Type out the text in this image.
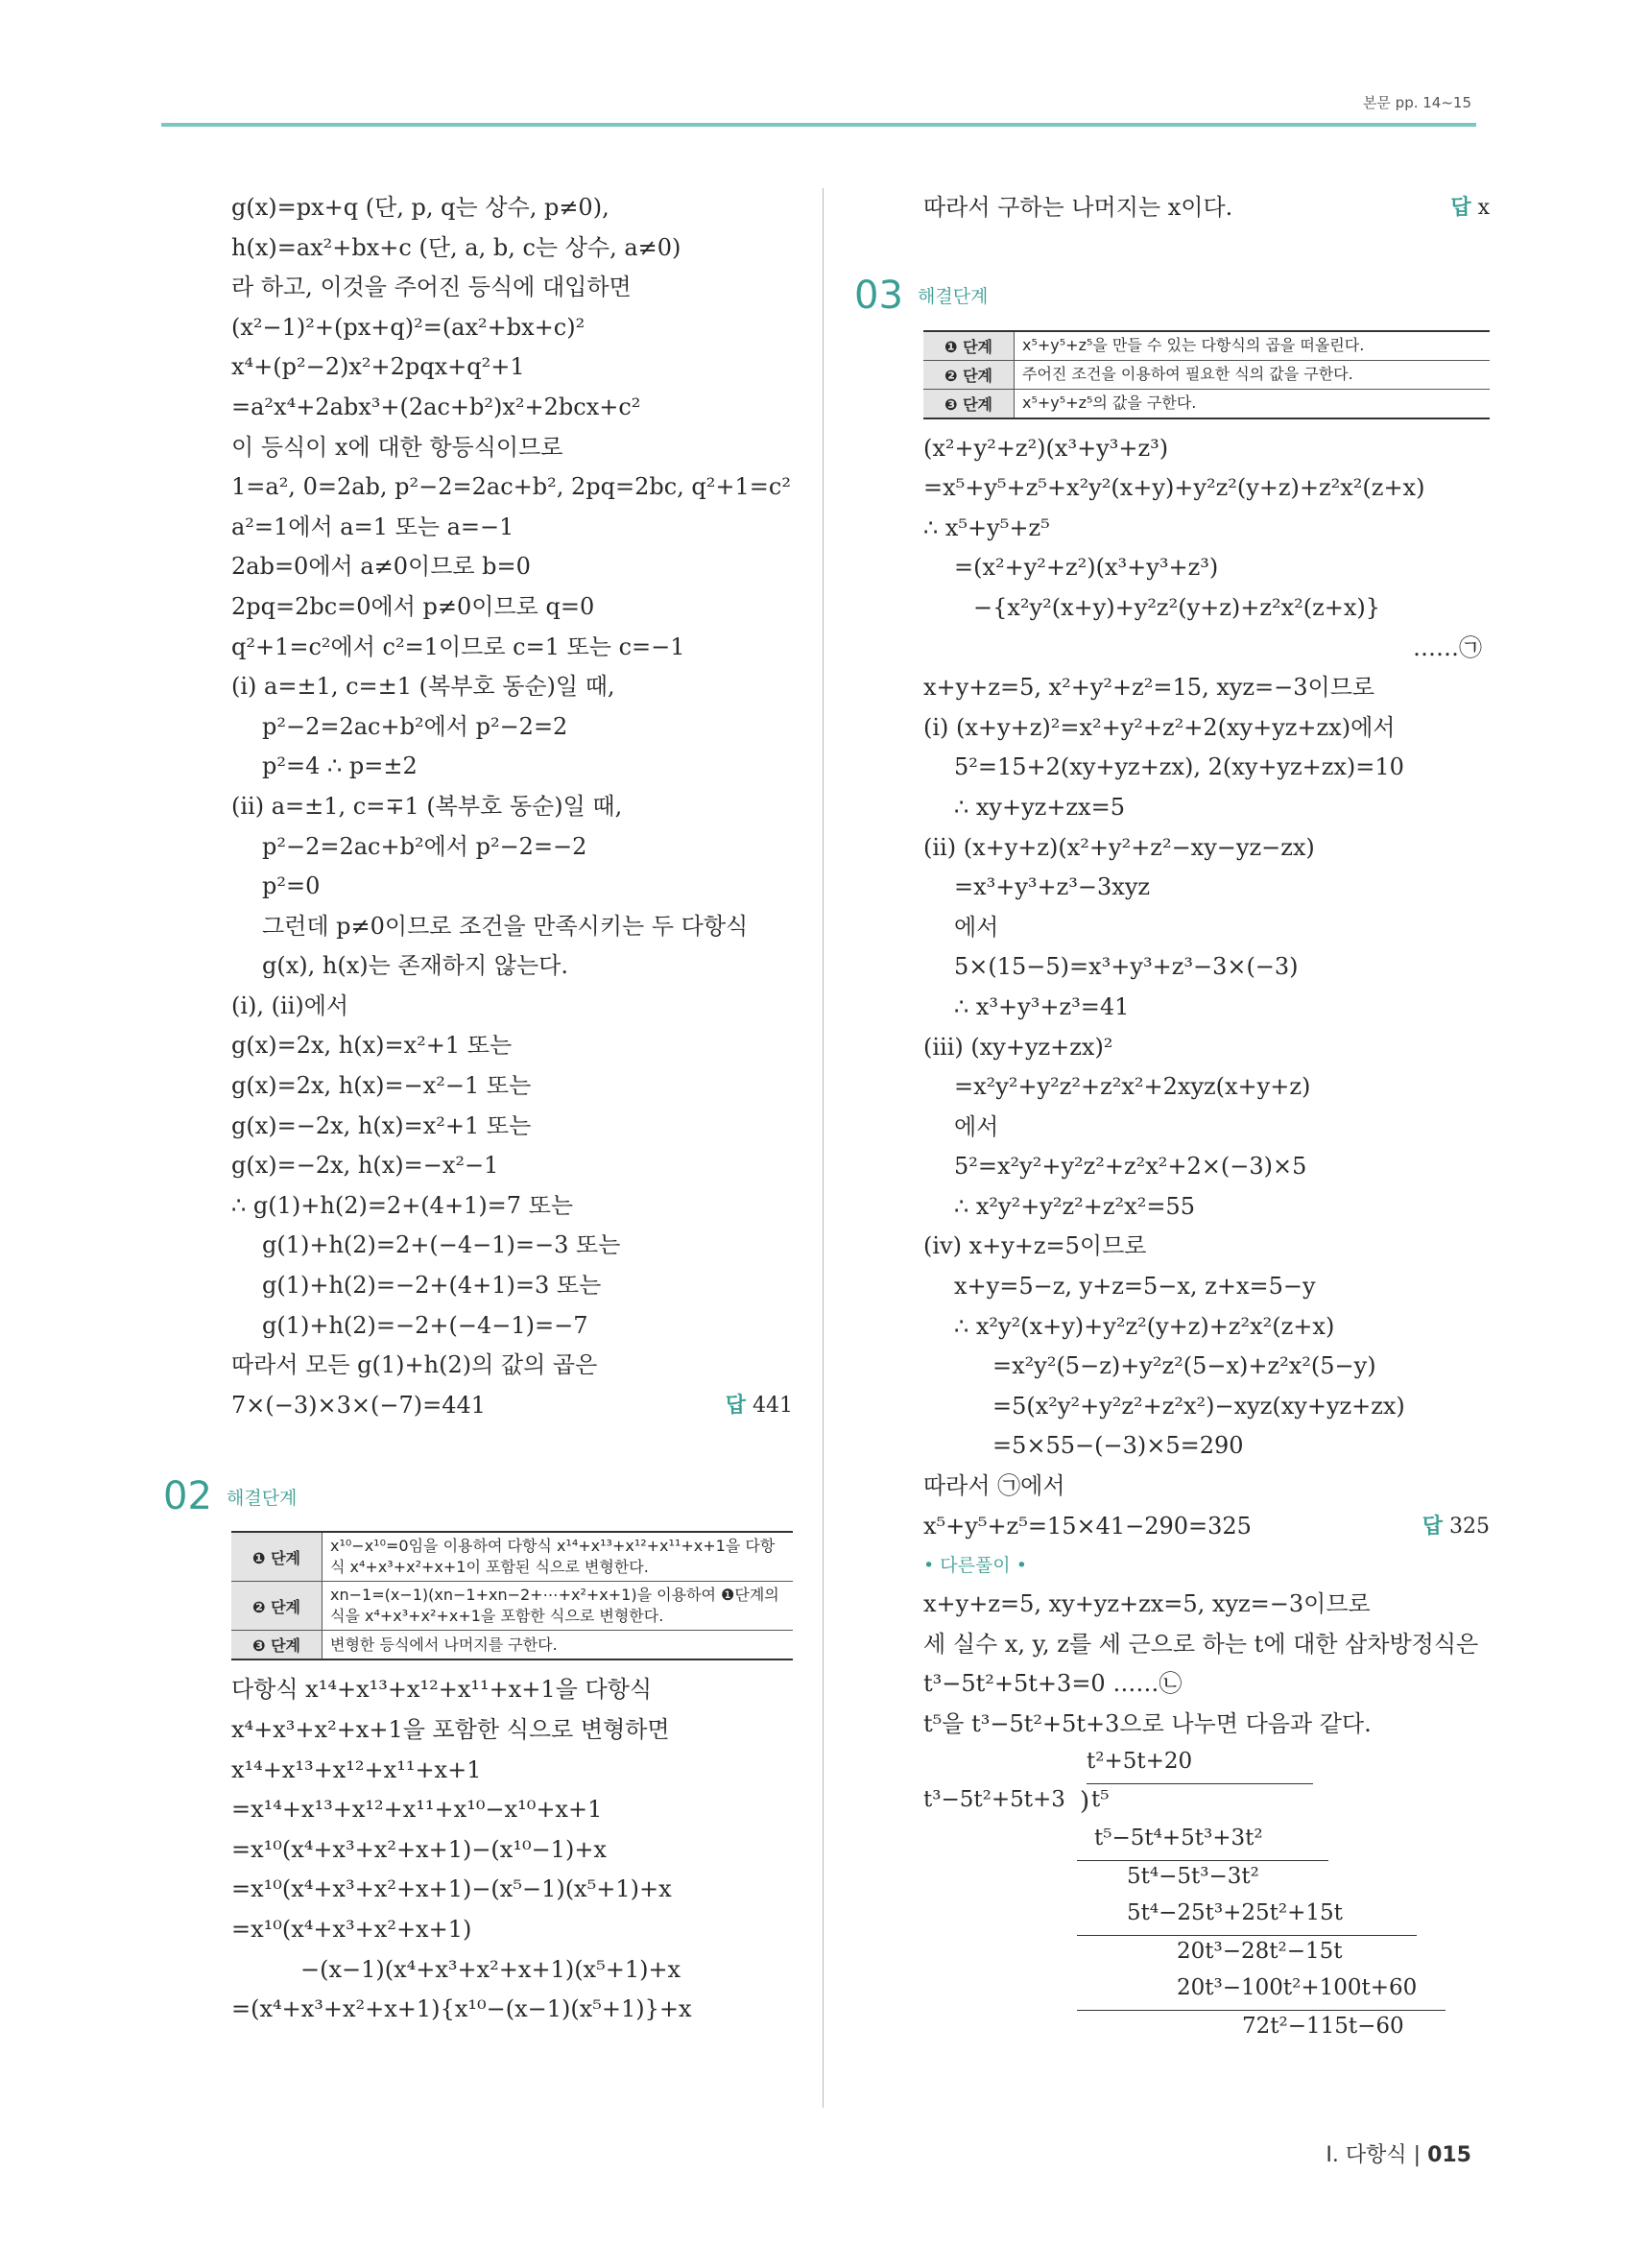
본문 pp. 14~15
g(x)=px+q (단, p, q는 상수, p≠0),
h(x)=ax²+bx+c (단, a, b, c는 상수, a≠0)
라 하고, 이것을 주어진 등식에 대입하면
(x²−1)²+(px+q)²=(ax²+bx+c)²
x⁴+(p²−2)x²+2pqx+q²+1
=a²x⁴+2abx³+(2ac+b²)x²+2bcx+c²
이 등식이 x에 대한 항등식이므로
1=a², 0=2ab, p²−2=2ac+b², 2pq=2bc, q²+1=c²
a²=1에서 a=1 또는 a=−1
2ab=0에서 a≠0이므로 b=0
2pq=2bc=0에서 p≠0이므로 q=0
q²+1=c²에서 c²=1이므로 c=1 또는 c=−1
(ⅰ) a=±1, c=±1 (복부호 동순)일 때,
p²−2=2ac+b²에서 p²−2=2
p²=4 ∴ p=±2
(ⅱ) a=±1, c=∓1 (복부호 동순)일 때,
p²−2=2ac+b²에서 p²−2=−2
p²=0
그런데 p≠0이므로 조건을 만족시키는 두 다항식
g(x), h(x)는 존재하지 않는다.
(ⅰ), (ⅱ)에서
g(x)=2x, h(x)=x²+1 또는
g(x)=2x, h(x)=−x²−1 또는
g(x)=−2x, h(x)=x²+1 또는
g(x)=−2x, h(x)=−x²−1
∴ g(1)+h(2)=2+(4+1)=7 또는
g(1)+h(2)=2+(−4−1)=−3 또는
g(1)+h(2)=−2+(4+1)=3 또는
g(1)+h(2)=−2+(−4−1)=−7
따라서 모든 g(1)+h(2)의 값의 곱은
7×(−3)×3×(−7)=441	답 441
02 해결단계
❶ 단계	x¹⁰−x¹⁰=0임을 이용하여 다항식 x¹⁴+x¹³+x¹²+x¹¹+x+1을 다항식 x⁴+x³+x²+x+1이 포함된 식으로 변형한다.
❷ 단계	xn−1=(x−1)(xn−1+xn−2+⋯+x²+x+1)을 이용하여 ❶단계의 식을 x⁴+x³+x²+x+1을 포함한 식으로 변형한다.
❸ 단계	변형한 등식에서 나머지를 구한다.
다항식 x¹⁴+x¹³+x¹²+x¹¹+x+1을 다항식
x⁴+x³+x²+x+1을 포함한 식으로 변형하면
x¹⁴+x¹³+x¹²+x¹¹+x+1
=x¹⁴+x¹³+x¹²+x¹¹+x¹⁰−x¹⁰+x+1
=x¹⁰(x⁴+x³+x²+x+1)−(x¹⁰−1)+x
=x¹⁰(x⁴+x³+x²+x+1)−(x⁵−1)(x⁵+1)+x
=x¹⁰(x⁴+x³+x²+x+1)
−(x−1)(x⁴+x³+x²+x+1)(x⁵+1)+x
=(x⁴+x³+x²+x+1){x¹⁰−(x−1)(x⁵+1)}+x
따라서 구하는 나머지는 x이다.	답 x
03 해결단계
❶ 단계	x⁵+y⁵+z⁵을 만들 수 있는 다항식의 곱을 떠올린다.
❷ 단계	주어진 조건을 이용하여 필요한 식의 값을 구한다.
❸ 단계	x⁵+y⁵+z⁵의 값을 구한다.
(x²+y²+z²)(x³+y³+z³)
=x⁵+y⁵+z⁵+x²y²(x+y)+y²z²(y+z)+z²x²(z+x)
∴ x⁵+y⁵+z⁵
=(x²+y²+z²)(x³+y³+z³)
−{x²y²(x+y)+y²z²(y+z)+z²x²(z+x)}
……㉠
x+y+z=5, x²+y²+z²=15, xyz=−3이므로
(ⅰ) (x+y+z)²=x²+y²+z²+2(xy+yz+zx)에서
5²=15+2(xy+yz+zx), 2(xy+yz+zx)=10
∴ xy+yz+zx=5
(ⅱ) (x+y+z)(x²+y²+z²−xy−yz−zx)
=x³+y³+z³−3xyz
에서
5×(15−5)=x³+y³+z³−3×(−3)
∴ x³+y³+z³=41
(ⅲ) (xy+yz+zx)²
=x²y²+y²z²+z²x²+2xyz(x+y+z)
에서
5²=x²y²+y²z²+z²x²+2×(−3)×5
∴ x²y²+y²z²+z²x²=55
(ⅳ) x+y+z=5이므로
x+y=5−z, y+z=5−x, z+x=5−y
∴ x²y²(x+y)+y²z²(y+z)+z²x²(z+x)
=x²y²(5−z)+y²z²(5−x)+z²x²(5−y)
=5(x²y²+y²z²+z²x²)−xyz(xy+yz+zx)
=5×55−(−3)×5=290
따라서 ㉠에서
x⁵+y⁵+z⁵=15×41−290=325	답 325
• 다른풀이 •
x+y+z=5, xy+yz+zx=5, xyz=−3이므로
세 실수 x, y, z를 세 근으로 하는 t에 대한 삼차방정식은
t³−5t²+5t+3=0 ……㉡
t⁵을 t³−5t²+5t+3으로 나누면 다음과 같다.
t²+5t+20
t³−5t²+5t+3 ) t⁵
t⁵−5t⁴+5t³+3t²
5t⁴−5t³−3t²
5t⁴−25t³+25t²+15t
20t³−28t²−15t
20t³−100t²+100t+60
72t²−115t−60
Ⅰ. 다항식 | 015
